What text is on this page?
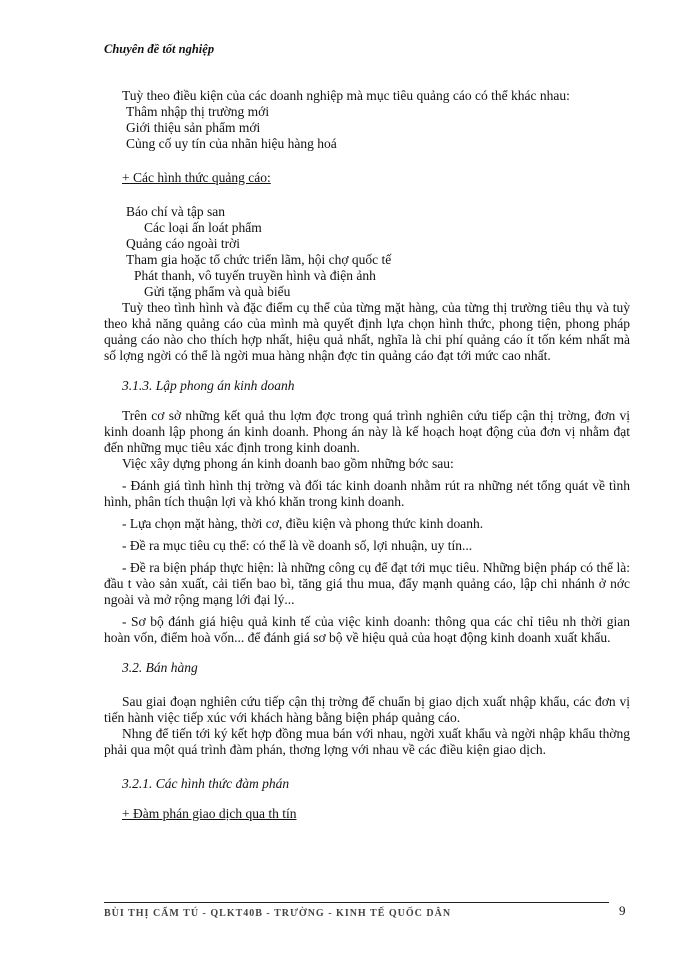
Chuyên đề tốt nghiệp

Tuỳ theo điều kiện của các doanh nghiệp mà mục tiêu quảng cáo có thể khác nhau:

Thâm nhập thị trường mới
Giới thiệu sản phẩm mới
Củng cố uy tín của nhãn hiệu hàng hoá
+ Các hình thức quảng cáo:
Báo chí và tập san
Các loại ấn loát phẩm
Quảng cáo ngoài trời
Tham gia hoặc tổ chức triển lãm, hội chợ quốc tế
Phát thanh, vô tuyến truyền hình và điện ảnh
Gửi tặng phẩm và quà biếu

Tuỳ theo tình hình và đặc điểm cụ thể của từng mặt hàng, của từng thị trường tiêu thụ và tuỳ theo khả năng quảng cáo của mình mà quyết định lựa chọn hình thức, phong tiện, phong pháp quảng cáo nào cho thích hợp nhất, hiệu quả nhất, nghĩa là chi phí quảng cáo ít tốn kém nhất mà số lợng ngời có thể là ngời mua hàng nhận đợc tin quảng cáo đạt tới mức cao nhất.

3.1.3. Lập phong án kinh doanh

Trên cơ sở những kết quả thu lợm đợc trong quá trình nghiên cứu tiếp cận thị trờng, đơn vị kinh doanh lập phong án kinh doanh. Phong án này là kế hoạch hoạt động của đơn vị nhằm đạt đến những mục tiêu xác định trong kinh doanh.

Việc xây dựng phong án kinh doanh bao gồm những bớc sau:

- Đánh giá tình hình thị trờng và đối tác kinh doanh nhằm rút ra những nét tổng quát về tình hình, phân tích thuận lợi và khó khăn trong kinh doanh.

- Lựa chọn mặt hàng, thời cơ, điều kiện và phong thức kinh doanh.

- Đề ra mục tiêu cụ thể: có thể là về doanh số, lợi nhuận, uy tín...

- Đề ra biện pháp thực hiện: là những công cụ để đạt tới mục tiêu. Những biện pháp có thể là: đầu t vào sản xuất, cải tiến bao bì, tăng giá thu mua, đẩy mạnh quảng cáo, lập chi nhánh ở nớc ngoài và mở rộng mạng lới đại lý...

- Sơ bộ đánh giá hiệu quả kinh tế của việc kinh doanh: thông qua các chỉ tiêu nh thời gian hoàn vốn, điểm hoà vốn... để đánh giá sơ bộ về hiệu quả của hoạt động kinh doanh xuất khẩu.

3.2. Bán hàng

Sau giai đoạn nghiên cứu tiếp cận thị trờng để chuẩn bị giao dịch xuất nhập khẩu, các đơn vị tiến hành việc tiếp xúc với khách hàng bằng biện pháp quảng cáo.

Nhng để tiến tới ký kết hợp đồng mua bán với nhau, ngời xuất khẩu và ngời nhập khẩu thờng phải qua một quá trình đàm phán, thơng lợng với nhau về các điều kiện giao dịch.

3.2.1. Các hình thức đàm phán
+ Đàm phán giao dịch qua th tín
BÙI THỊ CẨM TÚ - QLKT40B - TRƯỜNG - KINH TẾ QUỐC DÂN	9
